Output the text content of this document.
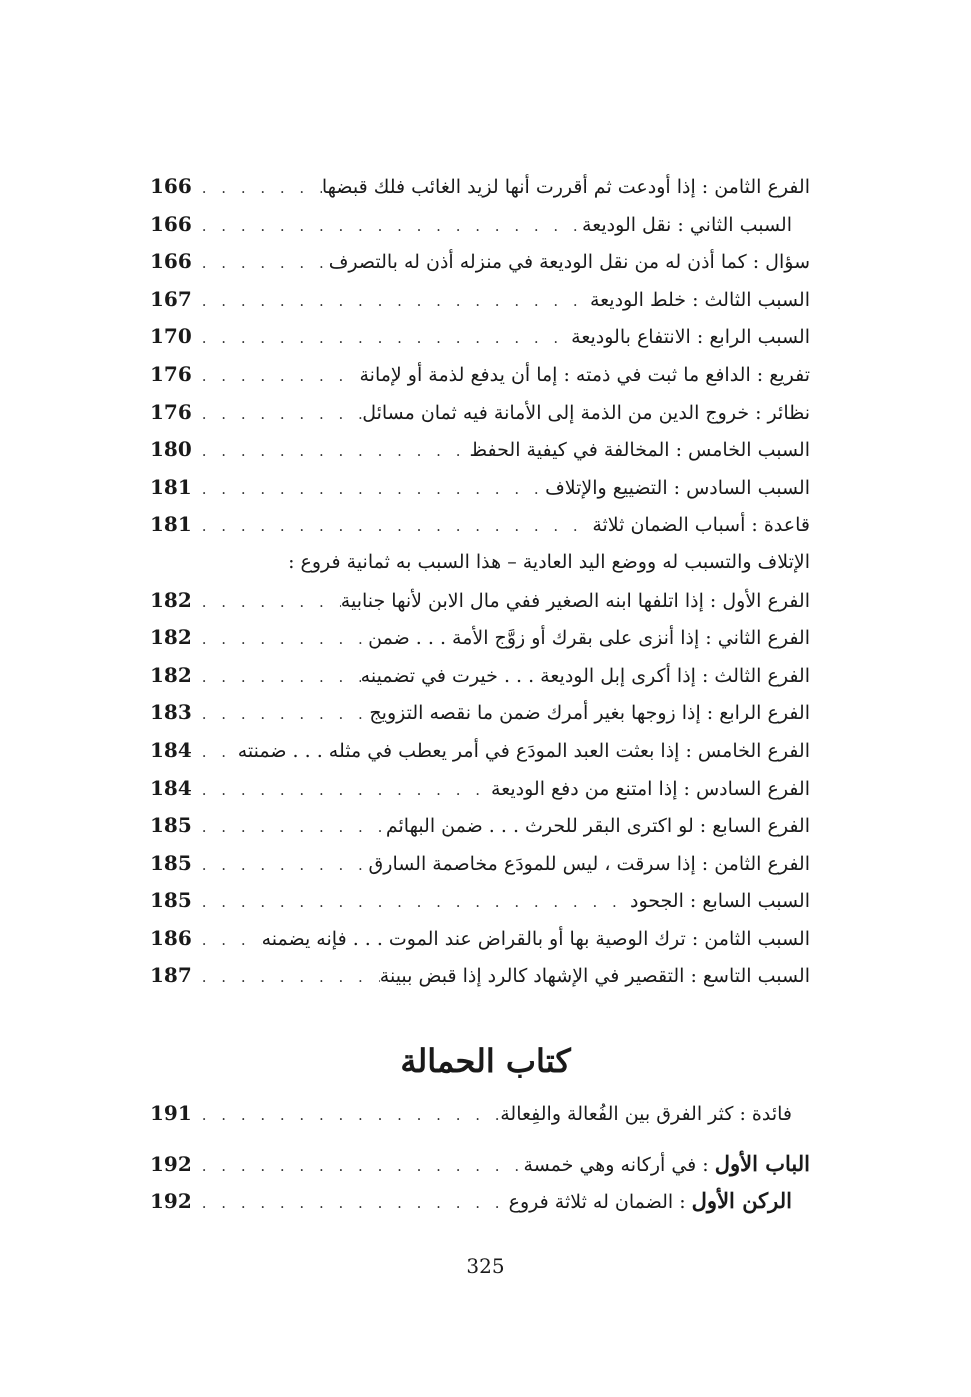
الفرع الثامن : إذا أودعت ثم أقررت أنها لزيد الغائب فلك قبضها
. . .
166
السبب الثاني : نقل الوديعة
. . .
166
سؤال : كما أذن له من نقل الوديعة في منزله أذن له بالتصرف
. . .
166
السبب الثالث : خلط الوديعة
. . .
167
السبب الرابع : الانتفاع بالوديعة
. . .
170
تفريع : الدافع ما ثبت في ذمته : إما أن يدفع لذمة أو لإمانة
. . .
176
نظائر : خروج الدين من الذمة إلى الأمانة فيه ثمان مسائل
. . .
176
السبب الخامس : المخالفة في كيفية الحفظ
. . .
180
السبب السادس : التضييع والإتلاف
. . .
181
قاعدة : أسباب الضمان ثلاثة
. . .
181
الإتلاف والتسبب له ووضع اليد العادية – هذا السبب به ثمانية فروع :
الفرع الأول : إذا اتلفها ابنه الصغير ففي مال الابن لأنها جنابية
. . .
182
الفرع الثاني : إذا أنزى على بقرك أو زوَّج الأمة . . . ضمن
. . .
182
الفرع الثالث : إذا أكرى إبل الوديعة . . . خيرت في تضمينه
. . .
182
الفرع الرابع : إذا زوجها بغير أمرك ضمن ما نقصه التزويج
. . .
183
الفرع الخامس : إذا بعثت العبد المودَع في أمر يعطب في مثله . . . ضمنته
. . .
184
الفرع السادس : إذا امتنع من دفع الوديعة
. . .
184
الفرع السابع : لو اكترى البقر للحرث . . . ضمن البهائم
. . .
185
الفرع الثامن : إذا سرقت ، ليس للمودَع مخاصمة السارق
. . .
185
السبب السابع : الجحود
. . .
185
السبب الثامن : ترك الوصية بها أو بالقراض عند الموت . . . فإنه يضمنه
. . .
186
السبب التاسع : التقصير في الإشهاد كالرد إذا قبض ببينة
. . .
187
كتاب الحمالة
فائدة : كثر الفرق بين الفُعالة والفِعالة
. . .
191
الباب الأول : في أركانه وهي خمسة
. . .
192
الركن الأول : الضمان له ثلاثة فروع
. . .
192
325
